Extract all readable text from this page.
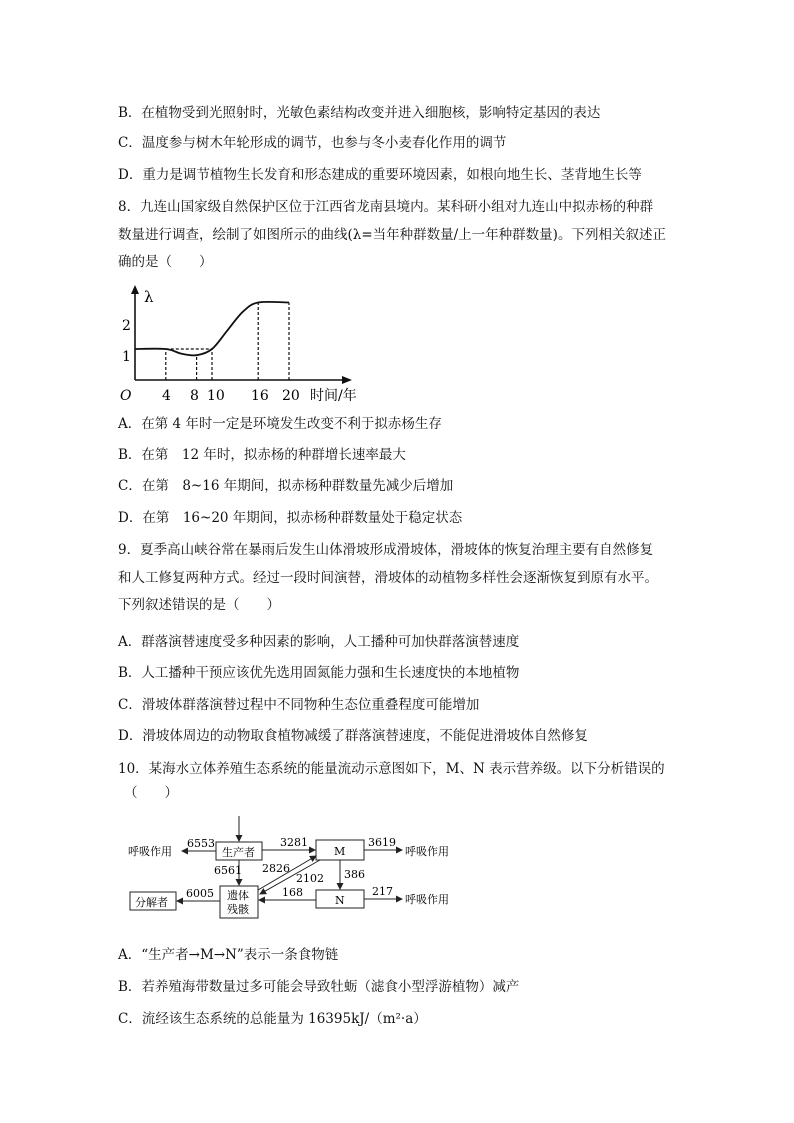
B．在植物受到光照射时，光敏色素结构改变并进入细胞核，影响特定基因的表达
C．温度参与树木年轮形成的调节，也参与冬小麦春化作用的调节
D．重力是调节植物生长发育和形态建成的重要环境因素，如根向地生长、茎背地生长等
8．九连山国家级自然保护区位于江西省龙南县境内。某科研小组对九连山中拟赤杨的种群
数量进行调查，绘制了如图所示的曲线(λ=当年种群数量/上一年种群数量)。下列相关叙述正
确的是（　　）
λ
O	时间/年
1
2
4 8 10 16 20
A．在第 4 年时一定是环境发生改变不利于拟赤杨生存
B．在第　12 年时，拟赤杨的种群增长速率最大
C．在第　8~16 年期间，拟赤杨种群数量先减少后增加
D．在第　16~20 年期间，拟赤杨种群数量处于稳定状态
9．夏季高山峡谷常在暴雨后发生山体滑坡形成滑坡体，滑坡体的恢复治理主要有自然修复
和人工修复两种方式。经过一段时间演替，滑坡体的动植物多样性会逐渐恢复到原有水平。
下列叙述错误的是（　　）
A．群落演替速度受多种因素的影响，人工播种可加快群落演替速度
B．人工播种干预应该优先选用固氮能力强和生长速度快的本地植物
C．滑坡体群落演替过程中不同物种生态位重叠程度可能增加
D．滑坡体周边的动物取食植物减缓了群落演替速度，不能促进滑坡体自然修复
10．某海水立体养殖生态系统的能量流动示意图如下，M、N 表示营养级。以下分析错误的
（　　）
生产者	M
N
遗体
残骸
分解者
呼吸作用
6553	3281	3619
呼吸作用
6561 2826
2102 386
6005	168	217
呼吸作用
A．“生产者→M→N”表示一条食物链
B．若养殖海带数量过多可能会导致牡蛎（滤食小型浮游植物）减产
C．流经该生态系统的总能量为 16395kJ/（m²·a）
